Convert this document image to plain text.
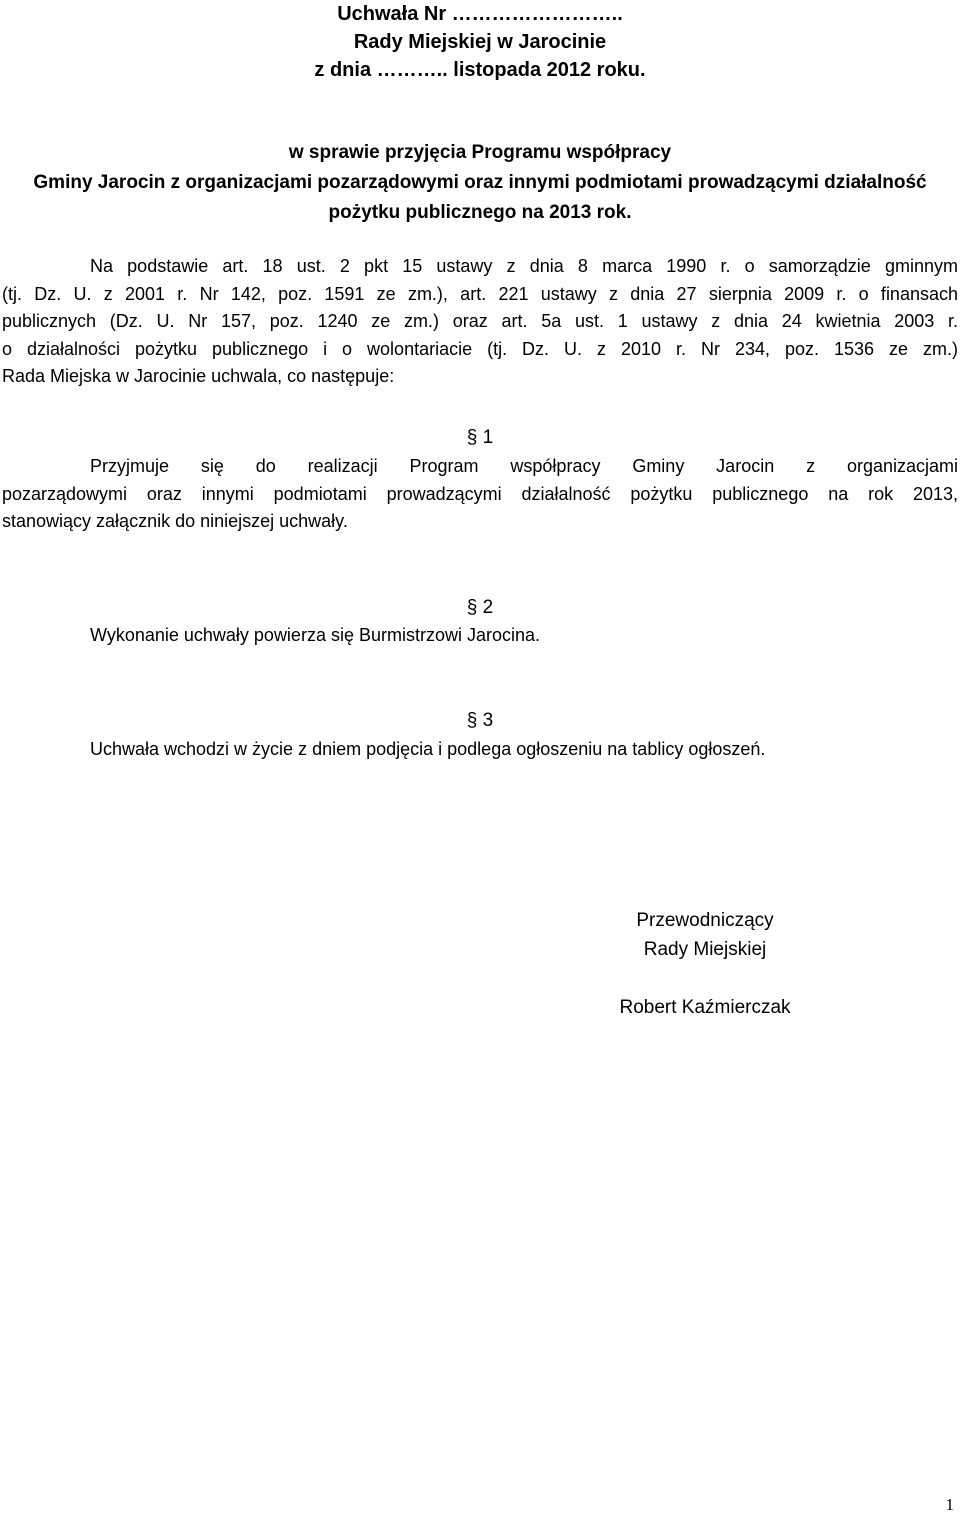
Uchwała Nr ……………………..
Rady Miejskiej w Jarocinie
z dnia ……….. listopada 2012 roku.
w sprawie przyjęcia Programu współpracy
Gminy Jarocin z organizacjami pozarządowymi oraz innymi podmiotami prowadzącymi działalność
pożytku publicznego na 2013 rok.
Na podstawie art. 18 ust. 2 pkt 15 ustawy z dnia 8 marca 1990 r. o samorządzie gminnym
(tj. Dz. U. z 2001 r. Nr 142, poz. 1591 ze zm.), art. 221 ustawy z dnia 27 sierpnia 2009 r. o finansach
publicznych (Dz. U. Nr 157, poz. 1240 ze zm.) oraz art. 5a ust. 1 ustawy z dnia 24 kwietnia 2003 r.
o działalności pożytku publicznego i o wolontariacie (tj. Dz. U. z 2010 r. Nr 234, poz. 1536 ze zm.)
Rada Miejska w Jarocinie uchwala, co następuje:
§ 1
Przyjmuje się do realizacji Program współpracy Gminy Jarocin z organizacjami
pozarządowymi oraz innymi podmiotami prowadzącymi działalność pożytku publicznego na rok 2013,
stanowiący załącznik do niniejszej uchwały.
§ 2
Wykonanie uchwały powierza się Burmistrzowi Jarocina.
§ 3
Uchwała wchodzi w życie z dniem podjęcia i podlega ogłoszeniu na tablicy ogłoszeń.
Przewodniczący
Rady Miejskiej
Robert Kaźmierczak
1
